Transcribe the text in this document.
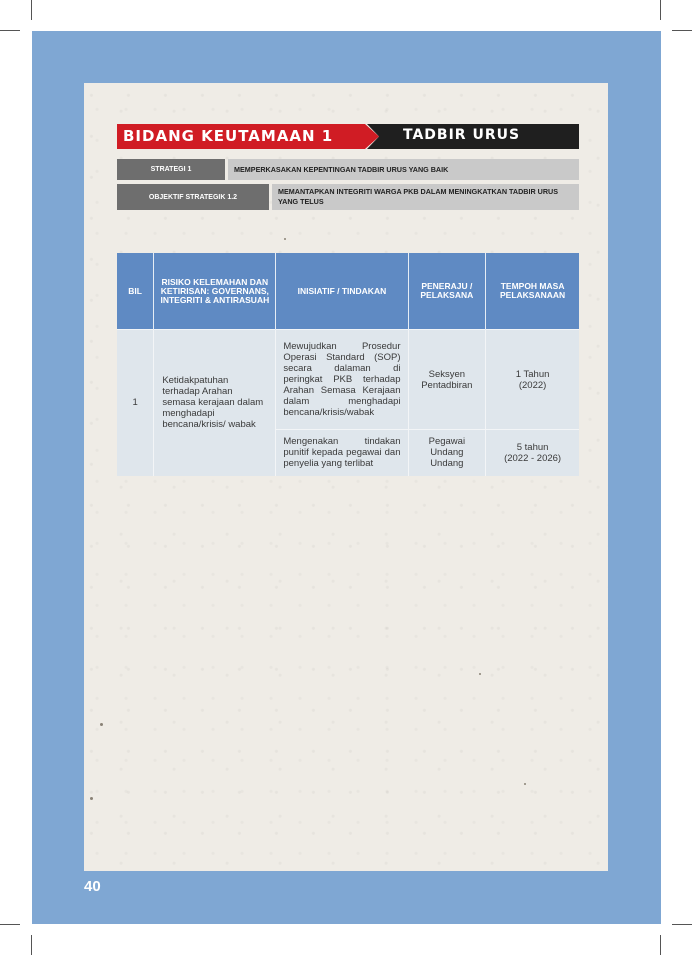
40
BIDANG KEUTAMAAN 1	TADBIR URUS
STRATEGI 1	MEMPERKASAKAN KEPENTINGAN TADBIR URUS YANG BAIK
OBJEKTIF STRATEGIK 1.2
MEMANTAPKAN INTEGRITI WARGA PKB DALAM MENINGKATKAN TADBIR URUS YANG TELUS
BIL	RISIKO KELEMAHAN DAN KETIRISAN: GOVERNANS, INTEGRITI & ANTIRASUAH	INISIATIF / TINDAKAN	PENERAJU / PELAKSANA	TEMPOH MASA PELAKSANAAN
1	Ketidakpatuhan terhadap Arahan semasa kerajaan dalam menghadapi bencana/krisis/ wabak	Mewujudkan Prosedur Operasi Standard (SOP) secara dalaman di peringkat PKB terhadap Arahan Semasa Kerajaan dalam menghadapi bencana/krisis/wabak	Seksyen Pentadbiran	1 Tahun
(2022)

		Mengenakan tindakan punitif kepada pegawai dan penyelia yang terlibat	Pegawai Undang Undang	5 tahun
(2022 - 2026)
